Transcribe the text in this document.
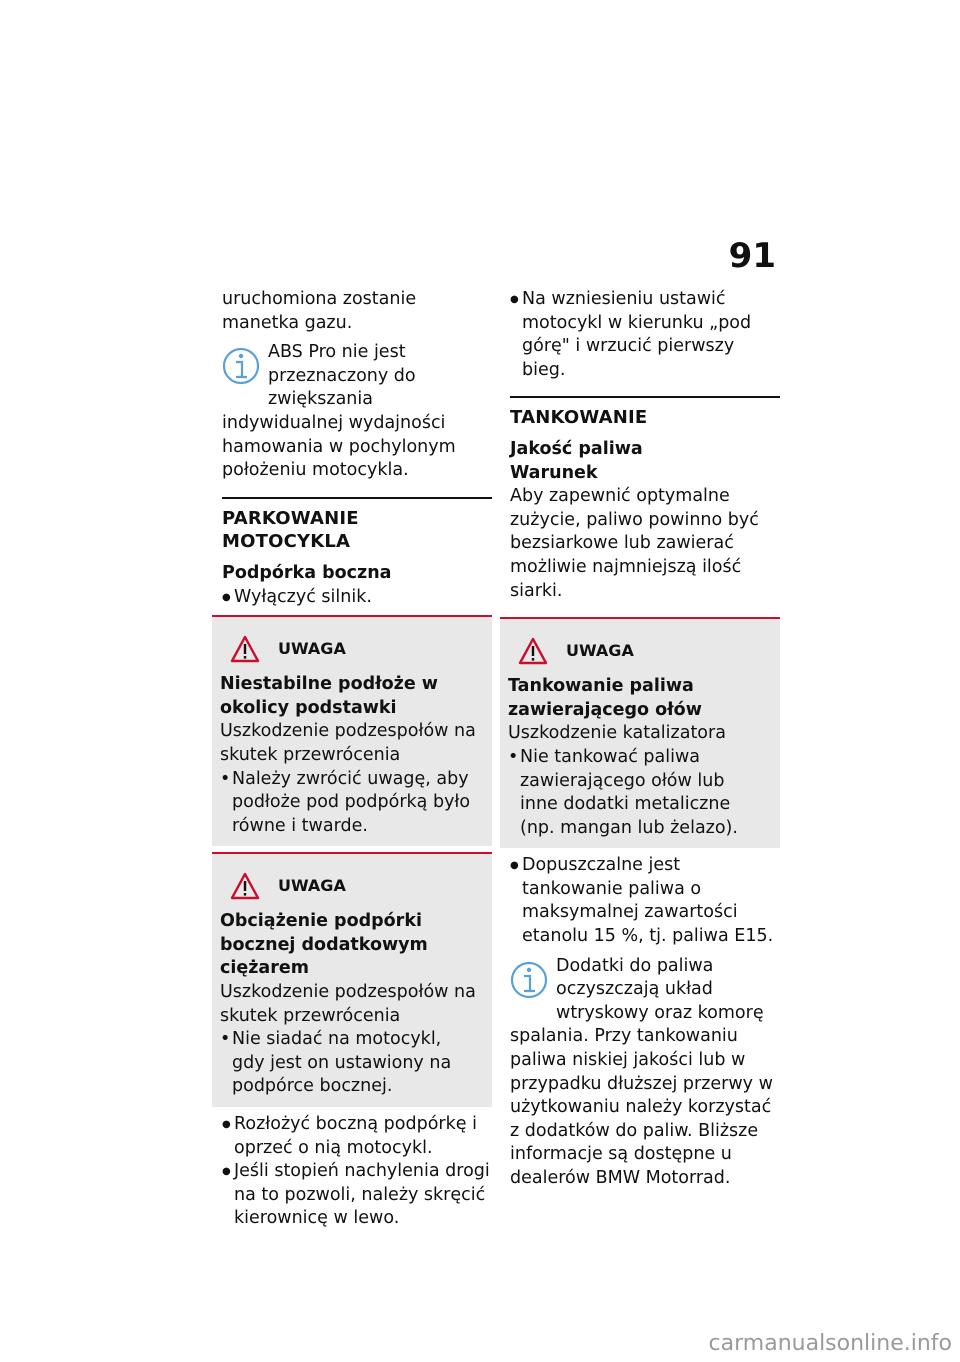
91

uruchomiona zostanie manetka gazu.

ABS Pro nie jest przeznaczony do zwiększania indywidualnej wydajności hamowania w pochylonym położeniu motocykla.

PARKOWANIE MOTOCYKLA
Podpórka boczna
● Wyłączyć silnik.
UWAGA
Niestabilne podłoże w okolicy podstawki
Uszkodzenie podzespołów na skutek przewrócenia
• Należy zwrócić uwagę, aby podłoże pod podpórką było równe i twarde.
UWAGA
Obciążenie podpórki bocznej dodatkowym ciężarem
Uszkodzenie podzespołów na skutek przewrócenia
• Nie siadać na motocykl, gdy jest on ustawiony na podpórce bocznej.
● Rozłożyć boczną podpórkę i oprzeć o nią motocykl.
● Jeśli stopień nachylenia drogi na to pozwoli, należy skręcić kierownicę w lewo.
● Na wzniesieniu ustawić motocykl w kierunku „pod górę" i wrzucić pierwszy bieg.
TANKOWANIE
Jakość paliwa
Warunek

Aby zapewnić optymalne zużycie, paliwo powinno być bezsiarkowe lub zawierać możliwie najmniejszą ilość siarki.

UWAGA
Tankowanie paliwa zawierającego ołów
Uszkodzenie katalizatora
• Nie tankować paliwa zawierającego ołów lub inne dodatki metaliczne (np. mangan lub żelazo).
● Dopuszczalne jest tankowanie paliwa o maksymalnej zawartości etanolu 15 %, tj. paliwa E15.

Dodatki do paliwa oczyszczają układ wtryskowy oraz komorę spalania. Przy tankowaniu paliwa niskiej jakości lub w przypadku dłuższej przerwy w użytkowaniu należy korzystać z dodatków do paliw. Bliższe informacje są dostępne u dealerów BMW Motorrad.

carmanualsonline.info
